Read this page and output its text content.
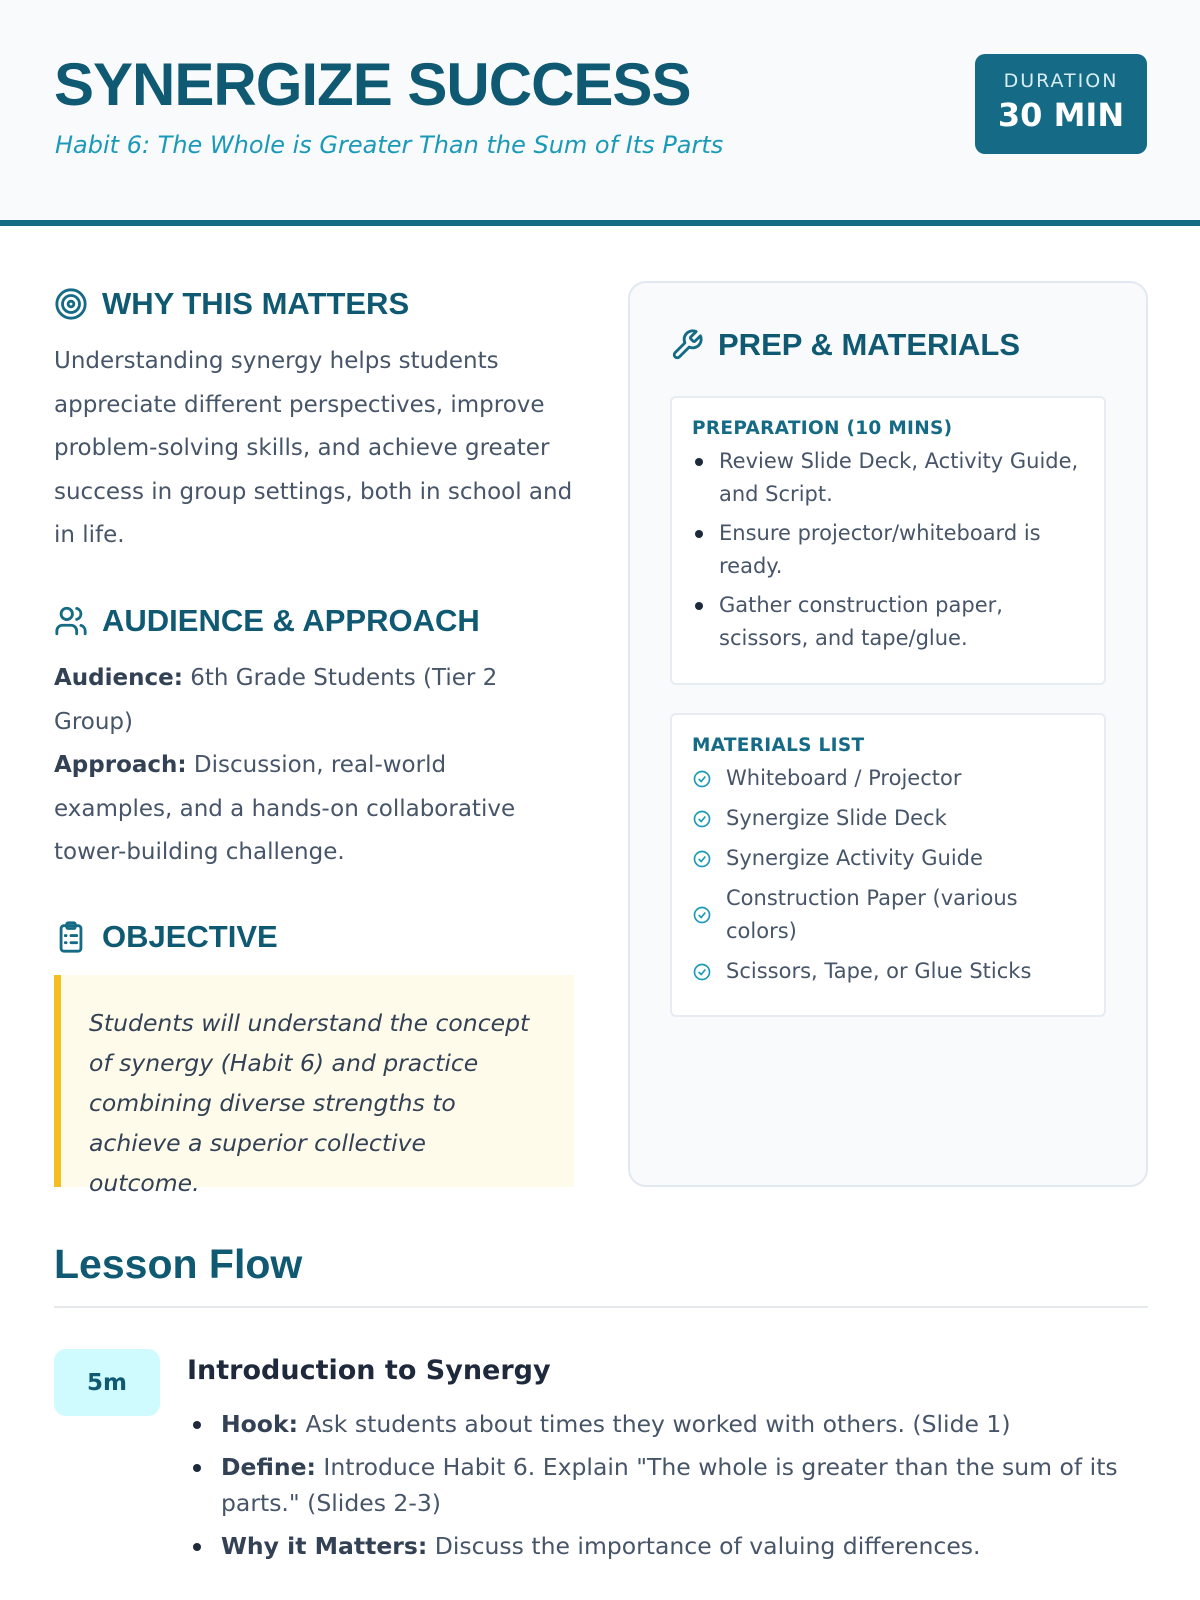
SYNERGIZE SUCCESS
Habit 6: The Whole is Greater Than the Sum of Its Parts
DURATION
30 MIN
WHY THIS MATTERS
Understanding synergy helps students appreciate different perspectives, improve problem-solving skills, and achieve greater success in group settings, both in school and in life.
AUDIENCE & APPROACH
Audience: 6th Grade Students (Tier 2 Group)
Approach: Discussion, real-world examples, and a hands-on collaborative tower-building challenge.
OBJECTIVE
Students will understand the concept of synergy (Habit 6) and practice combining diverse strengths to achieve a superior collective outcome.
PREP & MATERIALS
PREPARATION (10 MINS)
Review Slide Deck, Activity Guide, and Script.
Ensure projector/whiteboard is ready.
Gather construction paper, scissors, and tape/glue.
MATERIALS LIST
Whiteboard / Projector
Synergize Slide Deck
Synergize Activity Guide
Construction Paper (various colors)
Scissors, Tape, or Glue Sticks
Lesson Flow
5m	Introduction to Synergy
Hook: Ask students about times they worked with others. (Slide 1)
Define: Introduce Habit 6. Explain "The whole is greater than the sum of its parts." (Slides 2-3)
Why it Matters: Discuss the importance of valuing differences.
